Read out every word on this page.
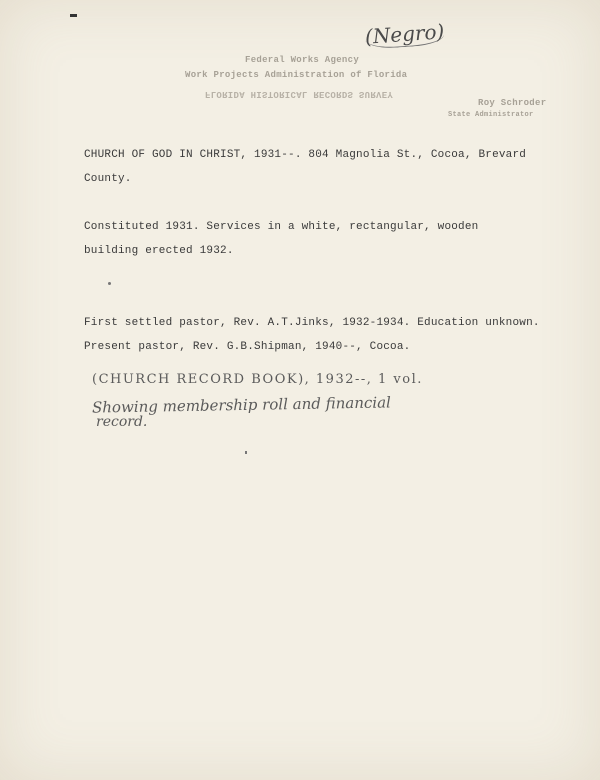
(Negro)
Federal Works Agency
Work Projects Administration of Florida
FLORIDA HISTORICAL RECORDS SURVEY
Roy Schroder
State Administrator
CHURCH OF GOD IN CHRIST, 1931--. 804 Magnolia St., Cocoa, Brevard
County.
Constituted 1931. Services in a white, rectangular, wooden
building erected 1932.
First settled pastor, Rev. A.T.Jinks, 1932-1934. Education unknown.
Present pastor, Rev. G.B.Shipman, 1940--, Cocoa.
(CHURCH RECORD BOOK), 1932--, 1 vol.
Showing membership roll and financial
record.
